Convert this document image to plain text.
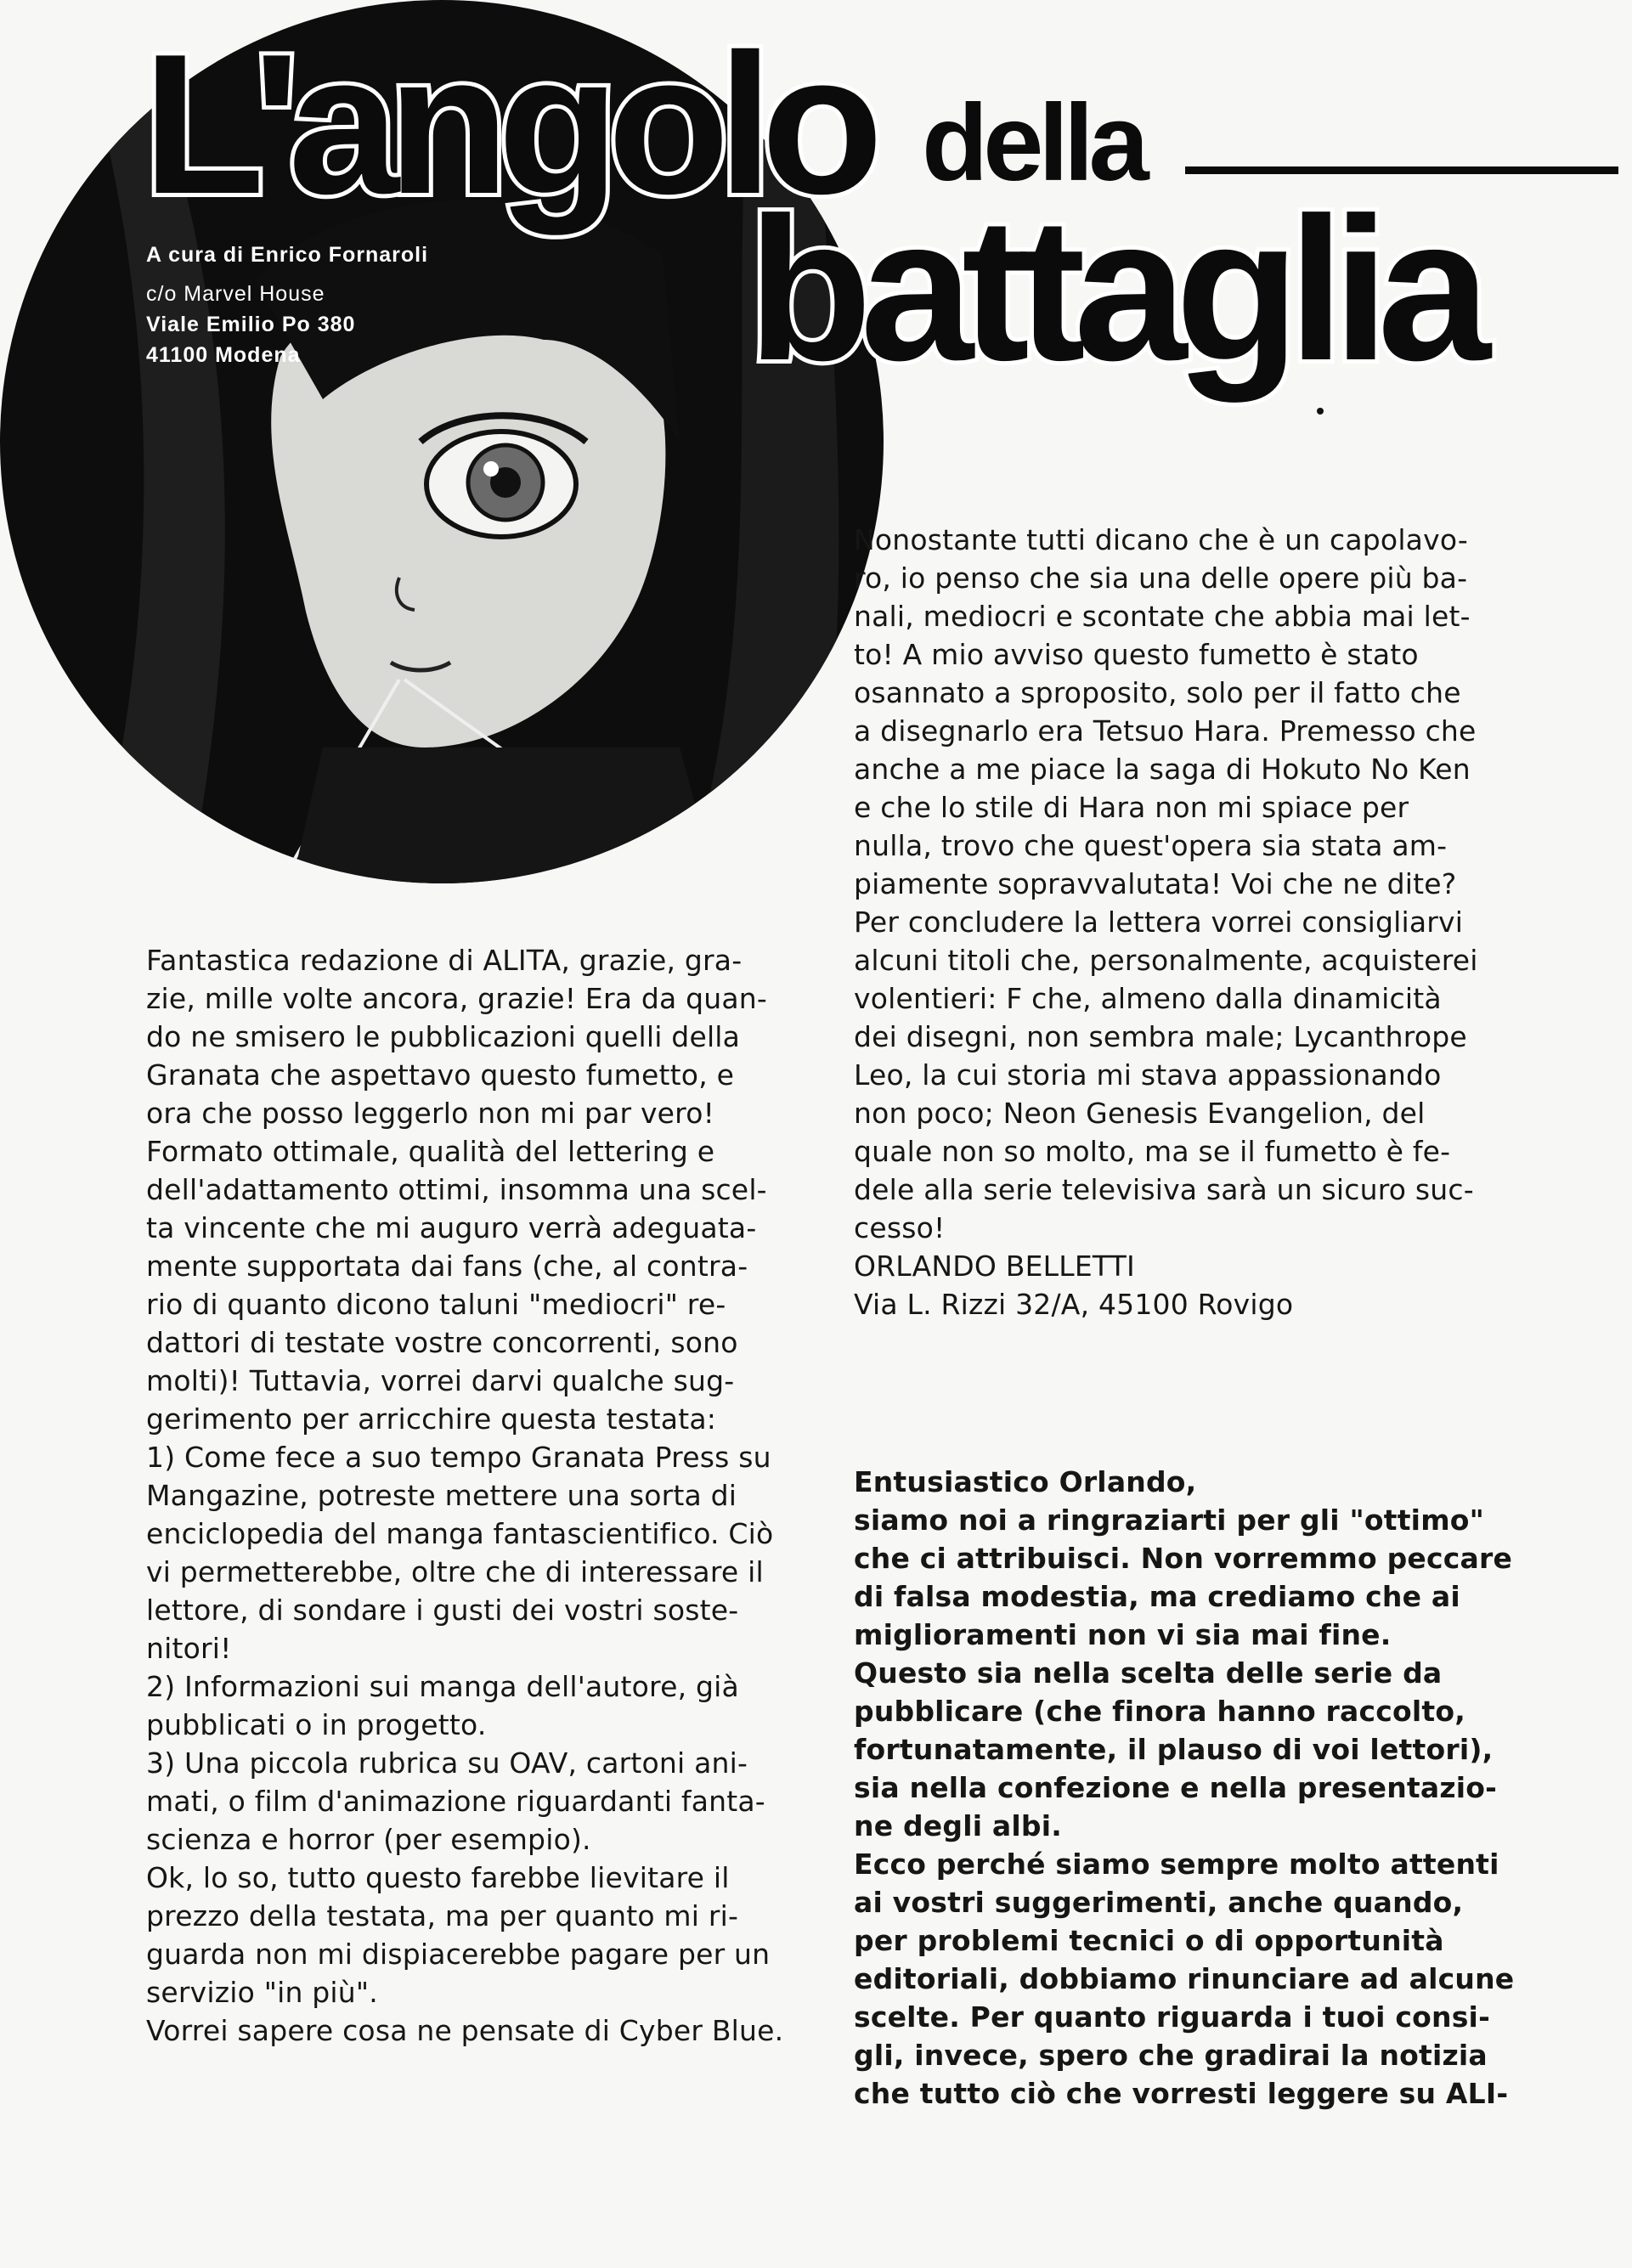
L'angolo della
battaglia
A cura di Enrico Fornaroli
c/o Marvel House
Viale Emilio Po 380
41100 Modena
Fantastica redazione di ALITA, grazie, gra-
zie, mille volte ancora, grazie! Era da quan-
do ne smisero le pubblicazioni quelli della
Granata che aspettavo questo fumetto, e
ora che posso leggerlo non mi par vero!
Formato ottimale, qualità del lettering e
dell'adattamento ottimi, insomma una scel-
ta vincente che mi auguro verrà adeguata-
mente supportata dai fans (che, al contra-
rio di quanto dicono taluni "mediocri" re-
dattori di testate vostre concorrenti, sono
molti)! Tuttavia, vorrei darvi qualche sug-
gerimento per arricchire questa testata:
1) Come fece a suo tempo Granata Press su
Mangazine, potreste mettere una sorta di
enciclopedia del manga fantascientifico. Ciò
vi permetterebbe, oltre che di interessare il
lettore, di sondare i gusti dei vostri soste-
nitori!
2) Informazioni sui manga dell'autore, già
pubblicati o in progetto.
3) Una piccola rubrica su OAV, cartoni ani-
mati, o film d'animazione riguardanti fanta-
scienza e horror (per esempio).
Ok, lo so, tutto questo farebbe lievitare il
prezzo della testata, ma per quanto mi ri-
guarda non mi dispiacerebbe pagare per un
servizio "in più".
Vorrei sapere cosa ne pensate di Cyber Blue.
Nonostante tutti dicano che è un capolavo-
ro, io penso che sia una delle opere più ba-
nali, mediocri e scontate che abbia mai let-
to! A mio avviso questo fumetto è stato
osannato a sproposito, solo per il fatto che
a disegnarlo era Tetsuo Hara. Premesso che
anche a me piace la saga di Hokuto No Ken
e che lo stile di Hara non mi spiace per
nulla, trovo che quest'opera sia stata am-
piamente sopravvalutata! Voi che ne dite?
Per concludere la lettera vorrei consigliarvi
alcuni titoli che, personalmente, acquisterei
volentieri: F che, almeno dalla dinamicità
dei disegni, non sembra male; Lycanthrope
Leo, la cui storia mi stava appassionando
non poco; Neon Genesis Evangelion, del
quale non so molto, ma se il fumetto è fe-
dele alla serie televisiva sarà un sicuro suc-
cesso!
ORLANDO BELLETTI
Via L. Rizzi 32/A, 45100 Rovigo
Entusiastico Orlando,
siamo noi a ringraziarti per gli "ottimo"
che ci attribuisci. Non vorremmo peccare
di falsa modestia, ma crediamo che ai
miglioramenti non vi sia mai fine.
Questo sia nella scelta delle serie da
pubblicare (che finora hanno raccolto,
fortunatamente, il plauso di voi lettori),
sia nella confezione e nella presentazio-
ne degli albi.
Ecco perché siamo sempre molto attenti
ai vostri suggerimenti, anche quando,
per problemi tecnici o di opportunità
editoriali, dobbiamo rinunciare ad alcune
scelte. Per quanto riguarda i tuoi consi-
gli, invece, spero che gradirai la notizia
che tutto ciò che vorresti leggere su ALI-
